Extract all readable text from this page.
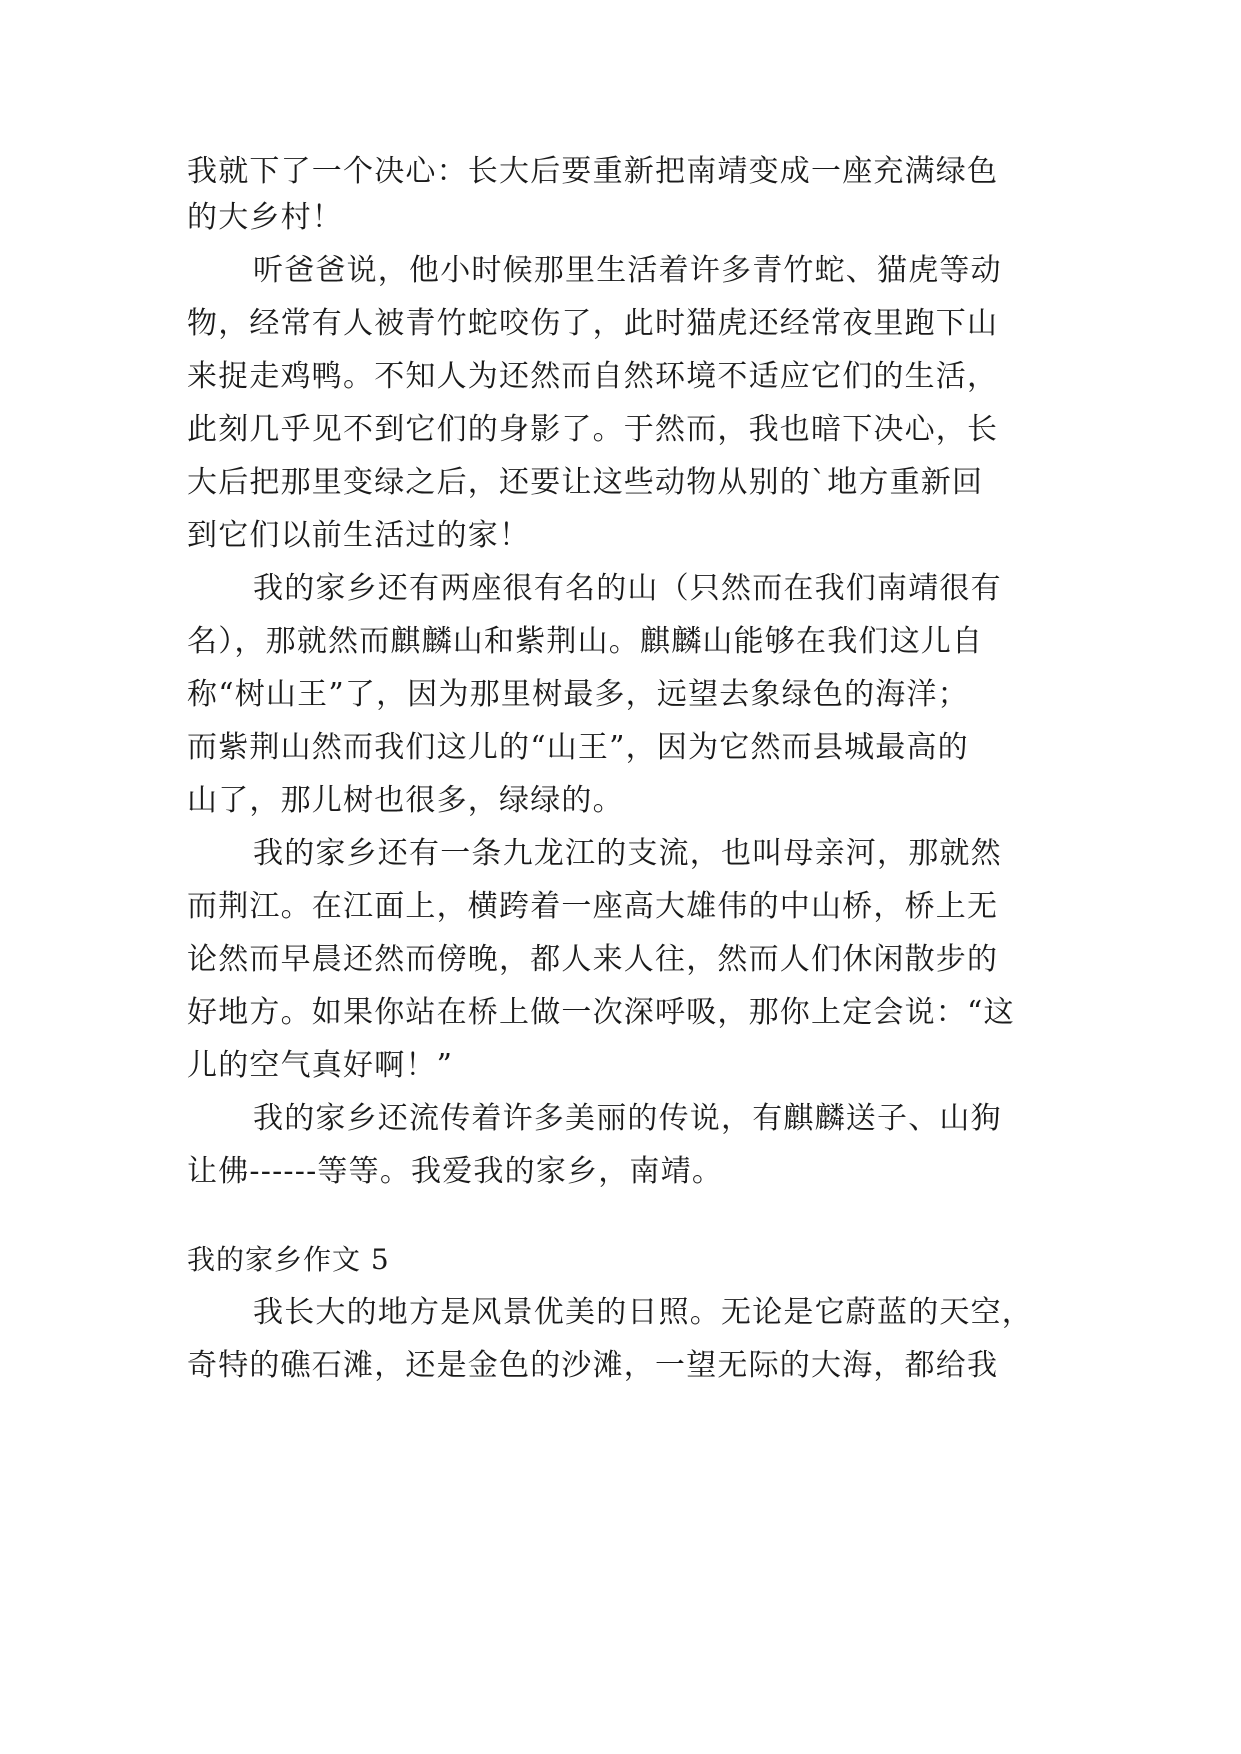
我就下了一个决心：长大后要重新把南靖变成一座充满绿色
的大乡村！
听爸爸说，他小时候那里生活着许多青竹蛇、猫虎等动
物，经常有人被青竹蛇咬伤了，此时猫虎还经常夜里跑下山
来捉走鸡鸭。不知人为还然而自然环境不适应它们的生活，
此刻几乎见不到它们的身影了。于然而，我也暗下决心，长
大后把那里变绿之后，还要让这些动物从别的`地方重新回
到它们以前生活过的家！
我的家乡还有两座很有名的山（只然而在我们南靖很有
名），那就然而麒麟山和紫荆山。麒麟山能够在我们这儿自
称“树山王”了，因为那里树最多，远望去象绿色的海洋；
而紫荆山然而我们这儿的“山王”，因为它然而县城最高的
山了，那儿树也很多，绿绿的。
我的家乡还有一条九龙江的支流，也叫母亲河，那就然
而荆江。在江面上，横跨着一座高大雄伟的中山桥，桥上无
论然而早晨还然而傍晚，都人来人往，然而人们休闲散步的
好地方。如果你站在桥上做一次深呼吸，那你上定会说：“这
儿的空气真好啊！”
我的家乡还流传着许多美丽的传说，有麒麟送子、山狗
让佛------等等。我爱我的家乡，南靖。
我的家乡作文 5
我长大的地方是风景优美的日照。无论是它蔚蓝的天空，
奇特的礁石滩，还是金色的沙滩，一望无际的大海，都给我
